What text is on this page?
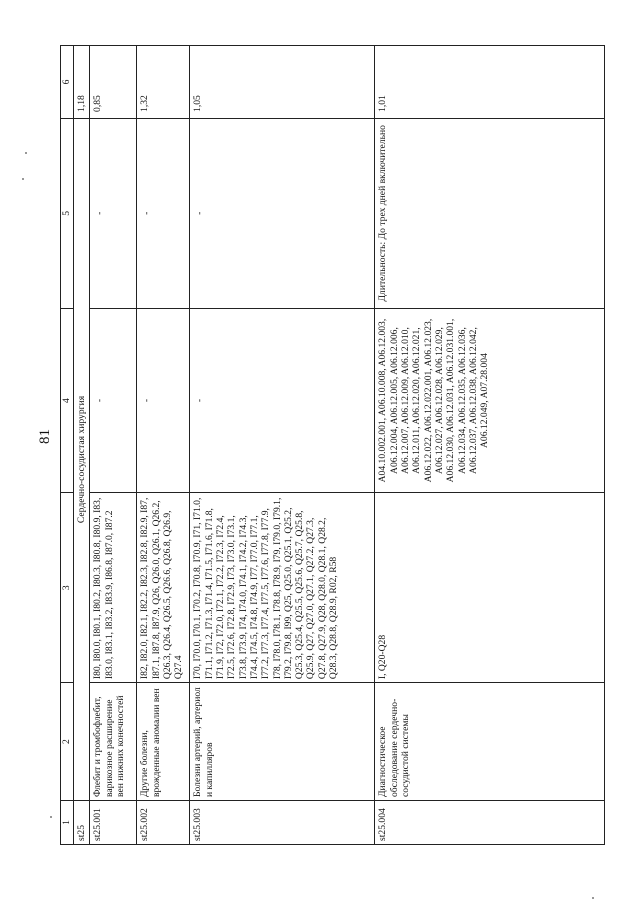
81
1	2	3	4	5	6
st25	Сердечно-сосудистая хирургия				1,18
st25.001	Флебит и тромбофлебит, варикозное расширение вен нижних конечностей	I80, I80.0, I80.1, I80.2, I80.3, I80.8, I80.9, I83, I83.0, I83.1, I83.2, I83.9, I86.8, I87.0, I87.2	-	-	0,85
st25.002	Другие болезни, врожденные аномалии вен	I82, I82.0, I82.1, I82.2, I82.3, I82.8, I82.9, I87, I87.1, I87.8, I87.9, Q26, Q26.0, Q26.1, Q26.2, Q26.3, Q26.4, Q26.5, Q26.6, Q26.8, Q26.9, Q27.4	-	-	1,32
st25.003	Болезни артерий, артериол и капилляров	I70, I70.0, I70.1, I70.2, I70.8, I70.9, I71, I71.0, I71.1, I71.2, I71.3, I71.4, I71.5, I71.6, I71.8, I71.9, I72, I72.0, I72.1, I72.2, I72.3, I72.4, I72.5, I72.6, I72.8, I72.9, I73, I73.0, I73.1, I73.8, I73.9, I74, I74.0, I74.1, I74.2, I74.3, I74.4, I74.5, I74.8, I74.9, I77, I77.0, I77.1, I77.2, I77.3, I77.4, I77.5, I77.6, I77.8, I77.9, I78, I78.0, I78.1, I78.8, I78.9, I79, I79.0, I79.1, I79.2, I79.8, I99, Q25, Q25.0, Q25.1, Q25.2, Q25.3, Q25.4, Q25.5, Q25.6, Q25.7, Q25.8, Q25.9, Q27, Q27.0, Q27.1, Q27.2, Q27.3, Q27.8, Q27.9, Q28, Q28.0, Q28.1, Q28.2, Q28.3, Q28.8, Q28.9, R02, R58	-	-	1,05
st25.004	Диагностическое обследование сердечно-сосудистой системы	I, Q20-Q28	A04.10.002.001, A06.10.008, A06.12.003, A06.12.004, A06.12.005, A06.12.006, A06.12.007, A06.12.009, A06.12.010, A06.12.011, A06.12.020, A06.12.021, A06.12.022, A06.12.022.001, A06.12.023, A06.12.027, A06.12.028, A06.12.029, A06.12.030, A06.12.031, A06.12.031.001, A06.12.034, A06.12.035, A06.12.036, A06.12.037, A06.12.038, A06.12.042, A06.12.049, A07.28.004	Длительность: До трех дней включительно	1,01
